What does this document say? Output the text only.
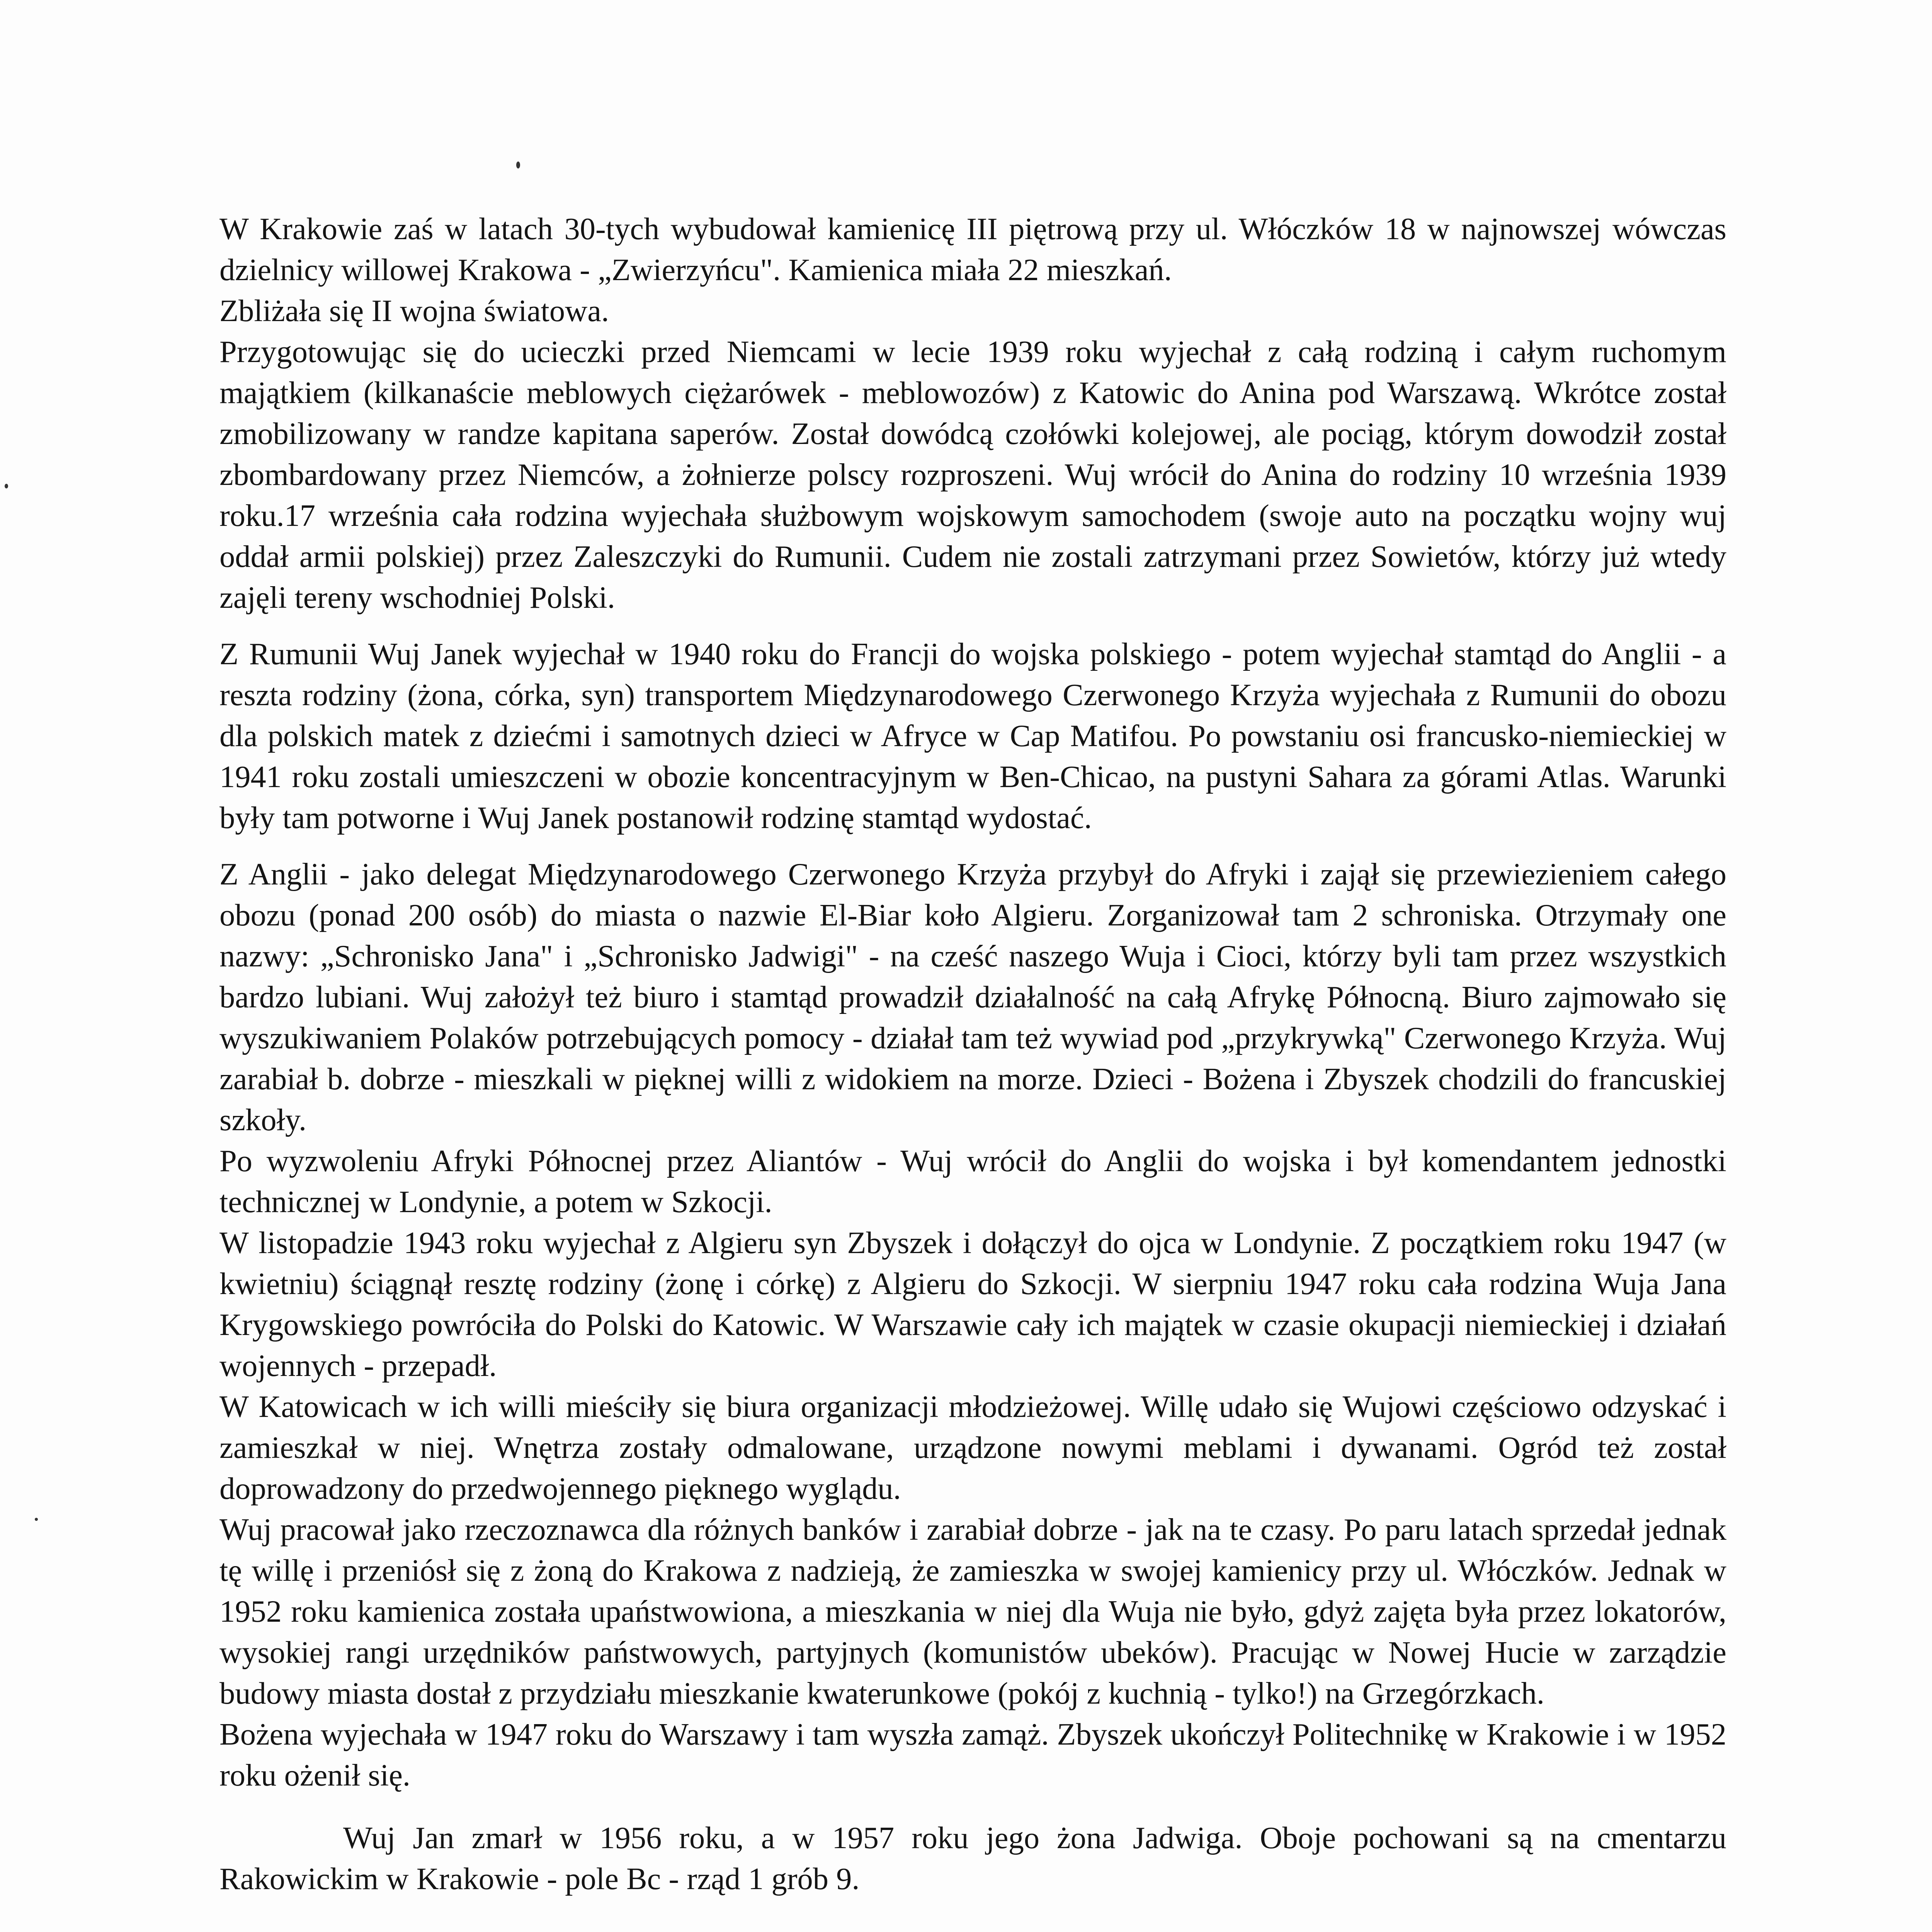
W Krakowie zaś w latach 30-tych wybudował kamienicę III piętrową przy ul. Włóczków 18 w najnowszej wówczas dzielnicy willowej Krakowa - „Zwierzyńcu". Kamienica miała 22 mieszkań.

Zbliżała się II wojna światowa.

Przygotowując się do ucieczki przed Niemcami w lecie 1939 roku wyjechał z całą rodziną i całym ruchomym majątkiem (kilkanaście meblowych ciężarówek - meblowozów) z Katowic do Anina pod Warszawą. Wkrótce został zmobilizowany w randze kapitana saperów. Został dowódcą czołówki kolejowej, ale pociąg, którym dowodził został zbombardowany przez Niemców, a żołnierze polscy rozproszeni. Wuj wrócił do Anina do rodziny 10 września 1939 roku.17 września cała rodzina wyjechała służbowym wojskowym samochodem (swoje auto na początku wojny wuj oddał armii polskiej) przez Zaleszczyki do Rumunii. Cudem nie zostali zatrzymani przez Sowietów, którzy już wtedy zajęli tereny wschodniej Polski.

Z Rumunii Wuj Janek wyjechał w 1940 roku do Francji do wojska polskiego - potem wyjechał stamtąd do Anglii - a reszta rodziny (żona, córka, syn) transportem Międzynarodowego Czerwonego Krzyża wyjechała z Rumunii do obozu dla polskich matek z dziećmi i samotnych dzieci w Afryce w Cap Matifou. Po powstaniu osi francusko-niemieckiej w 1941 roku zostali umieszczeni w obozie koncentracyjnym w Ben-Chicao, na pustyni Sahara za górami Atlas. Warunki były tam potworne i Wuj Janek postanowił rodzinę stamtąd wydostać.

Z Anglii - jako delegat Międzynarodowego Czerwonego Krzyża przybył do Afryki i zajął się przewiezieniem całego obozu (ponad 200 osób) do miasta o nazwie El-Biar koło Algieru. Zorganizował tam 2 schroniska. Otrzymały one nazwy: „Schronisko Jana" i „Schronisko Jadwigi" - na cześć naszego Wuja i Cioci, którzy byli tam przez wszystkich bardzo lubiani. Wuj założył też biuro i stamtąd prowadził działalność na całą Afrykę Północną. Biuro zajmowało się wyszukiwaniem Polaków potrzebujących pomocy - działał tam też wywiad pod „przykrywką" Czerwonego Krzyża. Wuj zarabiał b. dobrze - mieszkali w pięknej willi z widokiem na morze. Dzieci - Bożena i Zbyszek chodzili do francuskiej szkoły.

Po wyzwoleniu Afryki Północnej przez Aliantów - Wuj wrócił do Anglii do wojska i był komendantem jednostki technicznej w Londynie, a potem w Szkocji.

W listopadzie 1943 roku wyjechał z Algieru syn Zbyszek i dołączył do ojca w Londynie. Z początkiem roku 1947 (w kwietniu) ściągnął resztę rodziny (żonę i córkę) z Algieru do Szkocji. W sierpniu 1947 roku cała rodzina Wuja Jana Krygowskiego powróciła do Polski do Katowic. W Warszawie cały ich majątek w czasie okupacji niemieckiej i działań wojennych - przepadł.

W Katowicach w ich willi mieściły się biura organizacji młodzieżowej. Willę udało się Wujowi częściowo odzyskać i zamieszkał w niej. Wnętrza zostały odmalowane, urządzone nowymi meblami i dywanami. Ogród też został doprowadzony do przedwojennego pięknego wyglądu.

Wuj pracował jako rzeczoznawca dla różnych banków i zarabiał dobrze - jak na te czasy. Po paru latach sprzedał jednak tę willę i przeniósł się z żoną do Krakowa z nadzieją, że zamieszka w swojej kamienicy przy ul. Włóczków. Jednak w 1952 roku kamienica została upaństwowiona, a mieszkania w niej dla Wuja nie było, gdyż zajęta była przez lokatorów, wysokiej rangi urzędników państwowych, partyjnych (komunistów ubeków). Pracując w Nowej Hucie w zarządzie budowy miasta dostał z przydziału mieszkanie kwaterunkowe (pokój z kuchnią - tylko!) na Grzegórzkach.

Bożena wyjechała w 1947 roku do Warszawy i tam wyszła zamąż. Zbyszek ukończył Politechnikę w Krakowie i w 1952 roku ożenił się.

Wuj Jan zmarł w 1956 roku, a w 1957 roku jego żona Jadwiga. Oboje pochowani są na cmentarzu Rakowickim w Krakowie - pole Bc - rząd 1 grób 9.
